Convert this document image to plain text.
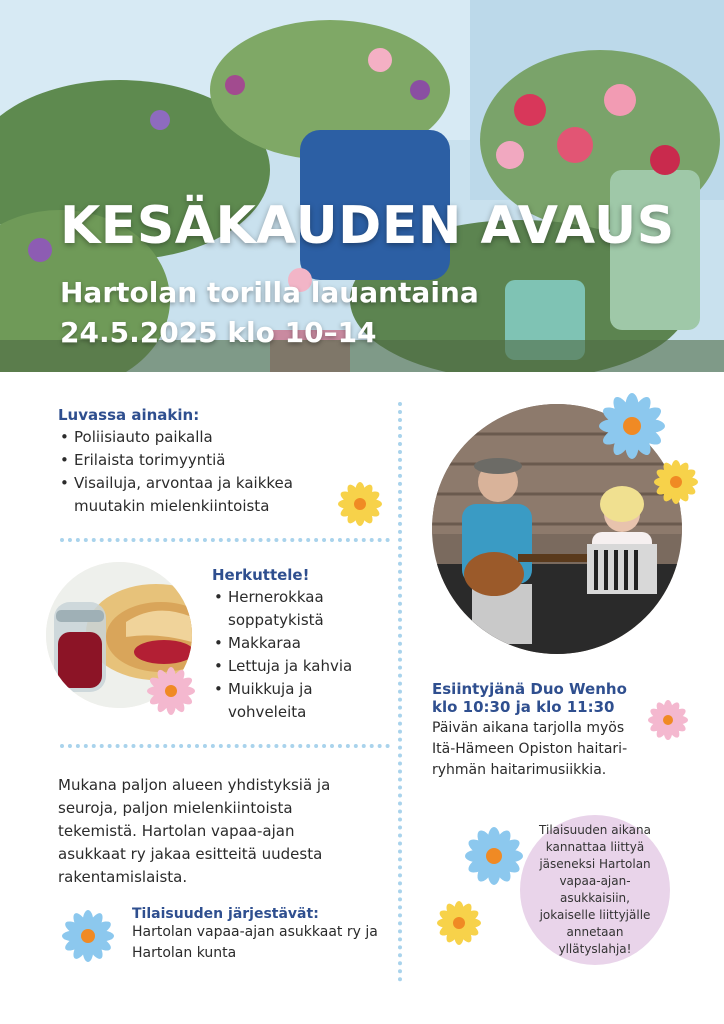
KESÄKAUDEN AVAUS
Hartolan torilla lauantaina
24.5.2025 klo 10–14
Luvassa ainakin:
• Poliisiauto paikalla
• Erilaista torimyyntiä
• Visailuja, arvontaa ja kaikkea muutakin mielenkiintoista
Herkuttele!
• Hernerokkaa soppatykistä
• Makkaraa
• Lettuja ja kahvia
• Muikkuja ja vohveleita
Mukana paljon alueen yhdistyksiä ja seuroja, paljon mielenkiintoista tekemistä. Hartolan vapaa-ajan asukkaat ry jakaa esitteitä uudesta rakentamislaista.
Tilaisuuden järjestävät:
Hartolan vapaa-ajan asukkaat ry ja Hartolan kunta
Esiintyjänä Duo Wenho
klo 10:30 ja klo 11:30
Päivän aikana tarjolla myös Itä-Hämeen Opiston haitari-ryhmän haitarimusiikkia.
Tilaisuuden aikana kannattaa liittyä jäseneksi Hartolan vapaa-ajan-asukkaisiin, jokaiselle liittyjälle annetaan yllätyslahja!
